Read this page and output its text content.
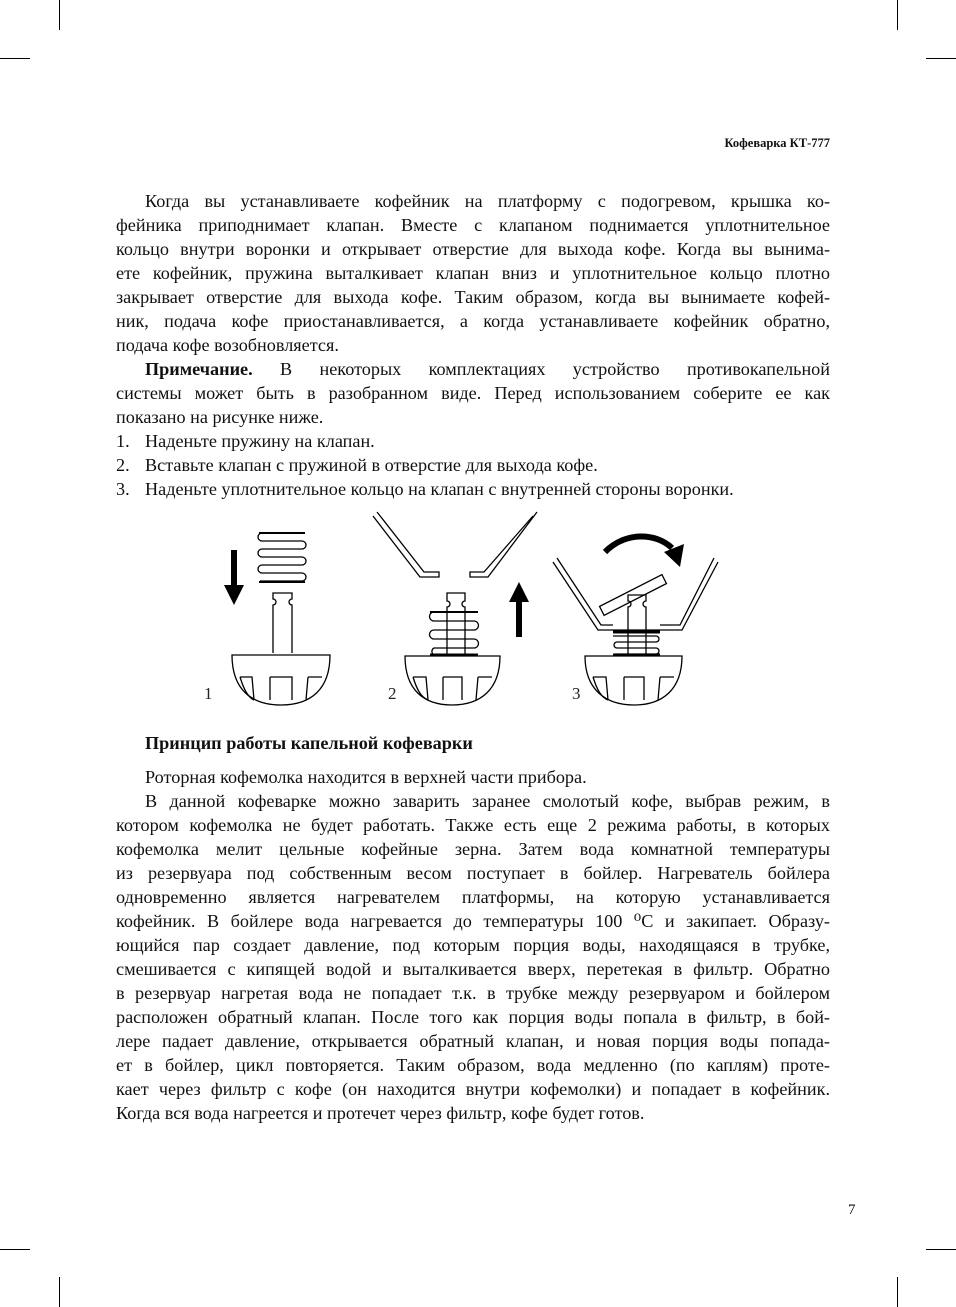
Кофеварка КТ-777
Когда вы устанавливаете кофейник на платформу с подогревом, крышка ко-
фейника приподнимает клапан. Вместе с клапаном поднимается уплотнительное
кольцо внутри воронки и открывает отверстие для выхода кофе. Когда вы вынима-
ете кофейник, пружина выталкивает клапан вниз и уплотнительное кольцо плотно
закрывает отверстие для выхода кофе. Таким образом, когда вы вынимаете кофей-
ник, подача кофе приостанавливается, а когда устанавливаете кофейник обратно,
подача кофе возобновляется.
Примечание. В некоторых комплектациях устройство противокапельной
системы может быть в разобранном виде. Перед использованием соберите ее как
показано на рисунке ниже.
1. Наденьте пружину на клапан.
2. Вставьте клапан с пружиной в отверстие для выхода кофе.
3. Наденьте уплотнительное кольцо на клапан с внутренней стороны воронки.
Роторная кофемолка находится в верхней части прибора.
В данной кофеварке можно заварить заранее смолотый кофе, выбрав режим, в
котором кофемолка не будет работать. Также есть еще 2 режима работы, в которых
кофемолка мелит цельные кофейные зерна. Затем вода комнатной температуры
из резервуара под собственным весом поступает в бойлер. Нагреватель бойлера
одновременно является нагревателем платформы, на которую устанавливается
кофейник. В бойлере вода нагревается до температуры 100 ⁰С и закипает. Образу-
ющийся пар создает давление, под которым порция воды, находящаяся в трубке,
смешивается с кипящей водой и выталкивается вверх, перетекая в фильтр. Обратно
в резервуар нагретая вода не попадает т.к. в трубке между резервуаром и бойлером
расположен обратный клапан. После того как порция воды попала в фильтр, в бой-
лере падает давление, открывается обратный клапан, и новая порция воды попада-
ет в бойлер, цикл повторяется. Таким образом, вода медленно (по каплям) проте-
кает через фильтр с кофе (он находится внутри кофемолки) и попадает в кофейник.
Когда вся вода нагреется и протечет через фильтр, кофе будет готов.
Принцип работы капельной кофеварки
1	2	3
7
